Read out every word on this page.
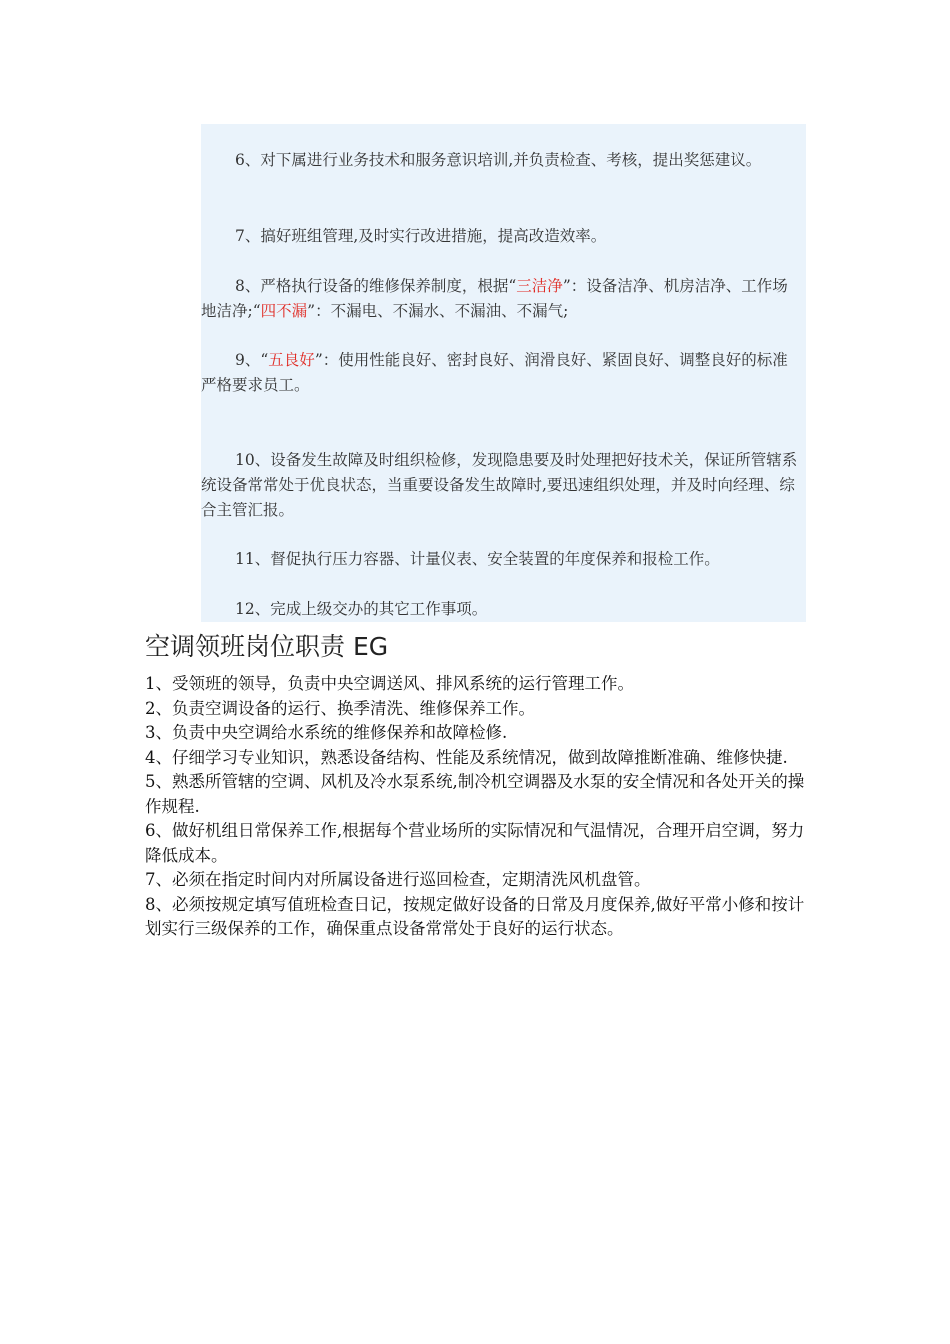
6、对下属进行业务技术和服务意识培训,并负责检查、考核，提出奖惩建议。

7、搞好班组管理,及时实行改进措施，提高改造效率。

8、严格执行设备的维修保养制度，根据“三洁净”：设备洁净、机房洁净、工作场地洁净;“四不漏”：不漏电、不漏水、不漏油、不漏气;

9、“五良好”：使用性能良好、密封良好、润滑良好、紧固良好、调整良好的标准严格要求员工。

10、设备发生故障及时组织检修，发现隐患要及时处理把好技术关，保证所管辖系统设备常常处于优良状态，当重要设备发生故障时,要迅速组织处理，并及时向经理、综合主管汇报。

11、督促执行压力容器、计量仪表、安全装置的年度保养和报检工作。

12、完成上级交办的其它工作事项。

空调领班岗位职责 EG
1、受领班的领导，负责中央空调送风、排风系统的运行管理工作。
2、负责空调设备的运行、换季清洗、维修保养工作。
3、负责中央空调给水系统的维修保养和故障检修.
4、仔细学习专业知识，熟悉设备结构、性能及系统情况，做到故障推断准确、维修快捷.
5、熟悉所管辖的空调、风机及冷水泵系统,制冷机空调器及水泵的安全情况和各处开关的操作规程.
6、做好机组日常保养工作,根据每个营业场所的实际情况和气温情况，合理开启空调，努力降低成本。
7、必须在指定时间内对所属设备进行巡回检查，定期清洗风机盘管。
8、必须按规定填写值班检查日记，按规定做好设备的日常及月度保养,做好平常小修和按计划实行三级保养的工作，确保重点设备常常处于良好的运行状态。
